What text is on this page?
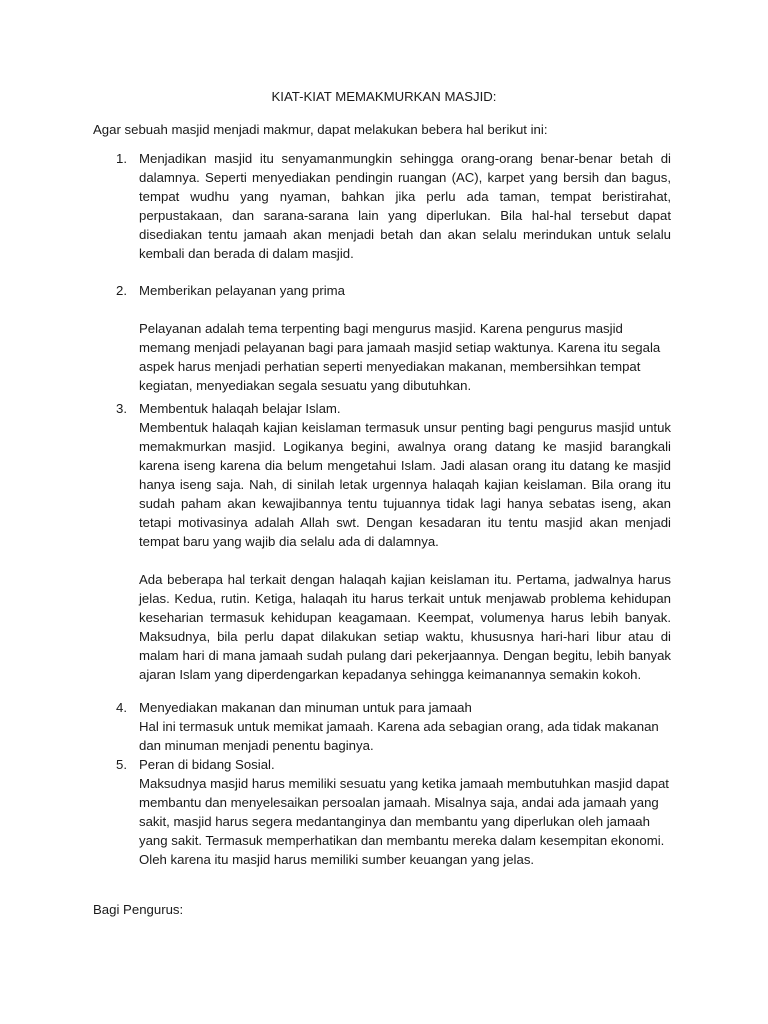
KIAT-KIAT MEMAKMURKAN MASJID:
Agar sebuah masjid menjadi makmur, dapat melakukan bebera hal berikut ini:
1. Menjadikan masjid itu senyamanmungkin sehingga orang-orang benar-benar betah di dalamnya. Seperti menyediakan pendingin ruangan (AC), karpet yang bersih dan bagus, tempat wudhu yang nyaman, bahkan jika perlu ada taman, tempat beristirahat, perpustakaan, dan sarana-sarana lain yang diperlukan. Bila hal-hal tersebut dapat disediakan tentu jamaah akan menjadi betah dan akan selalu merindukan untuk selalu kembali dan berada di dalam masjid.
2. Memberikan pelayanan yang prima

Pelayanan adalah tema terpenting bagi mengurus masjid. Karena pengurus masjid memang menjadi pelayanan bagi para jamaah masjid setiap waktunya. Karena itu segala aspek harus menjadi perhatian seperti menyediakan makanan, membersihkan tempat kegiatan, menyediakan segala sesuatu yang dibutuhkan.

3. Membentuk halaqah belajar Islam.

Membentuk halaqah kajian keislaman termasuk unsur penting bagi pengurus masjid untuk memakmurkan masjid. Logikanya begini, awalnya orang datang ke masjid barangkali karena iseng karena dia belum mengetahui Islam. Jadi alasan orang itu datang ke masjid hanya iseng saja. Nah, di sinilah letak urgennya halaqah kajian keislaman. Bila orang itu sudah paham akan kewajibannya tentu tujuannya tidak lagi hanya sebatas iseng, akan tetapi motivasinya adalah Allah swt. Dengan kesadaran itu tentu masjid akan menjadi tempat baru yang wajib dia selalu ada di dalamnya.

Ada beberapa hal terkait dengan halaqah kajian keislaman itu. Pertama, jadwalnya harus jelas. Kedua, rutin. Ketiga, halaqah itu harus terkait untuk menjawab problema kehidupan keseharian termasuk kehidupan keagamaan. Keempat, volumenya harus lebih banyak. Maksudnya, bila perlu dapat dilakukan setiap waktu, khususnya hari-hari libur atau di malam hari di mana jamaah sudah pulang dari pekerjaannya. Dengan begitu, lebih banyak ajaran Islam yang diperdengarkan kepadanya sehingga keimanannya semakin kokoh.

4. Menyediakan makanan dan minuman untuk para jamaah

Hal ini termasuk untuk memikat jamaah. Karena ada sebagian orang, ada tidak makanan dan minuman menjadi penentu baginya.

5. Peran di bidang Sosial.

Maksudnya masjid harus memiliki sesuatu yang ketika jamaah membutuhkan masjid dapat membantu dan menyelesaikan persoalan jamaah. Misalnya saja, andai ada jamaah yang sakit, masjid harus segera medantanginya dan membantu yang diperlukan oleh jamaah yang sakit. Termasuk memperhatikan dan membantu mereka dalam kesempitan ekonomi. Oleh karena itu masjid harus memiliki sumber keuangan yang jelas.

Bagi Pengurus:
